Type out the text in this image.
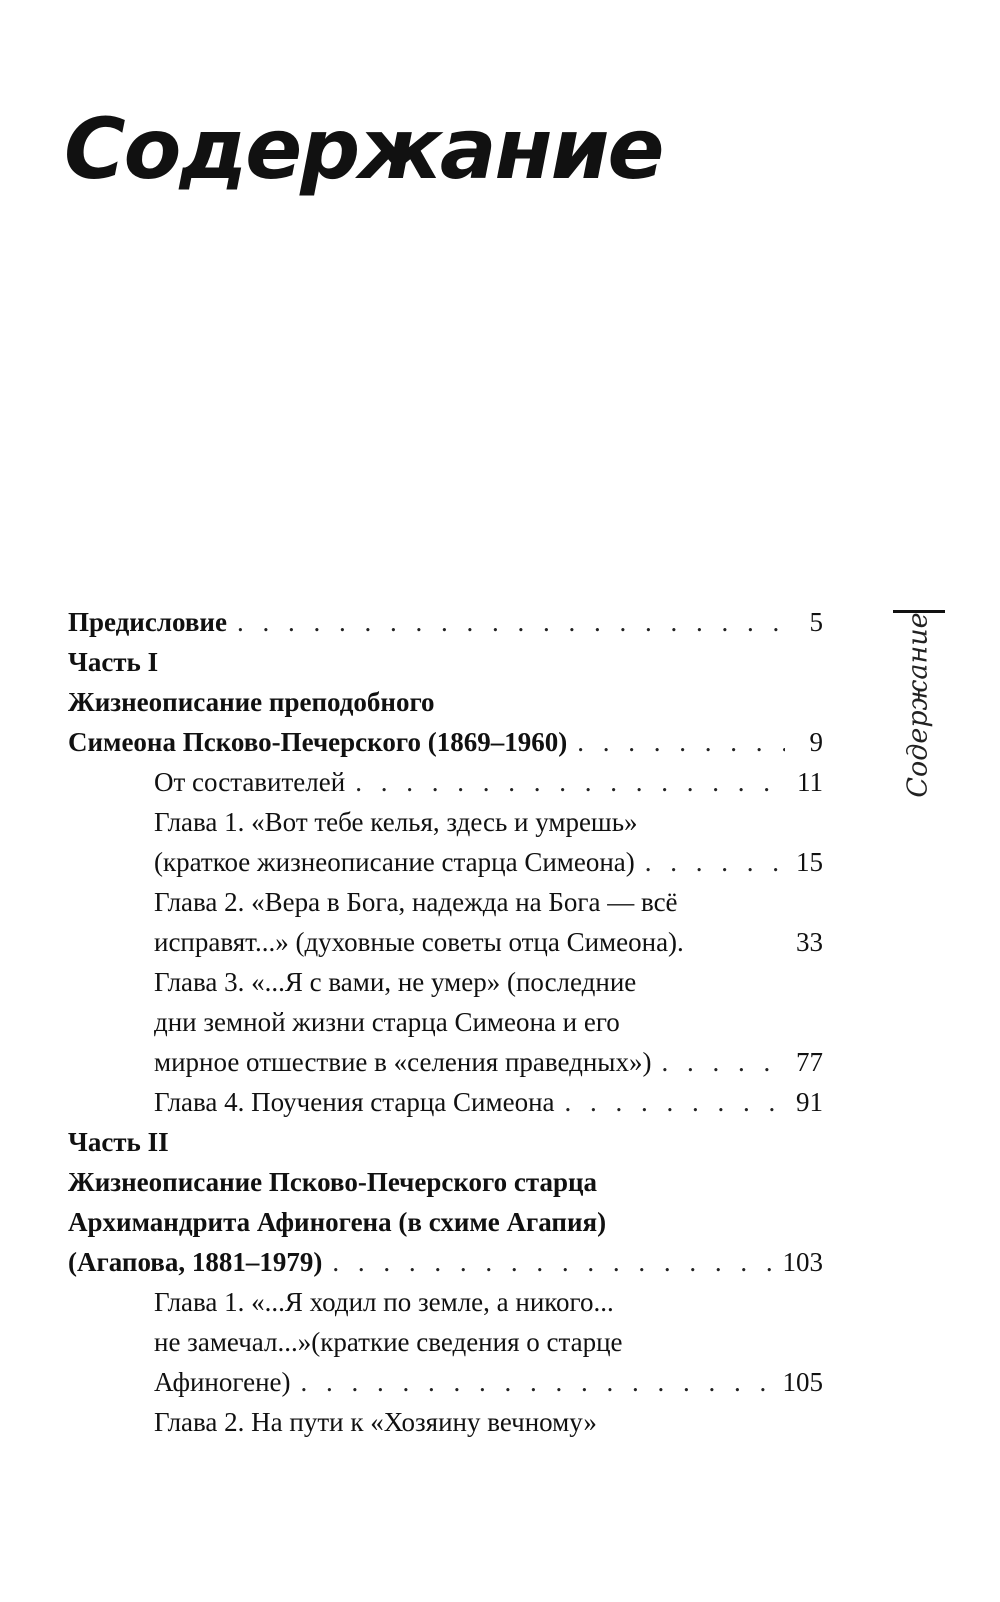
Содержание
Содержание
Предисловие . . .	5
Часть I
Жизнеописание преподобного
Симеона Псково-Печерского (1869–1960) . . .	9
От составителей . . .	11
Глава 1. «Вот тебе келья, здесь и умрешь»
(краткое жизнеописание старца Симеона) . . .	15
Глава 2. «Вера в Бога, надежда на Бога — всё
исправят...» (духовные советы отца Симеона).	33
Глава 3. «...Я с вами, не умер» (последние
дни земной жизни старца Симеона и его
мирное отшествие в «селения праведных») . . .	77
Глава 4. Поучения старца Симеона . . .	91
Часть II
Жизнеописание Псково-Печерского старца
Архимандрита Афиногена (в схиме Агапия)
(Агапова, 1881–1979) . . .	103
Глава 1. «...Я ходил по земле, а никого...
не замечал...»(краткие сведения о старце
Афиногене) . . .	105
Глава 2. На пути к «Хозяину вечному»
